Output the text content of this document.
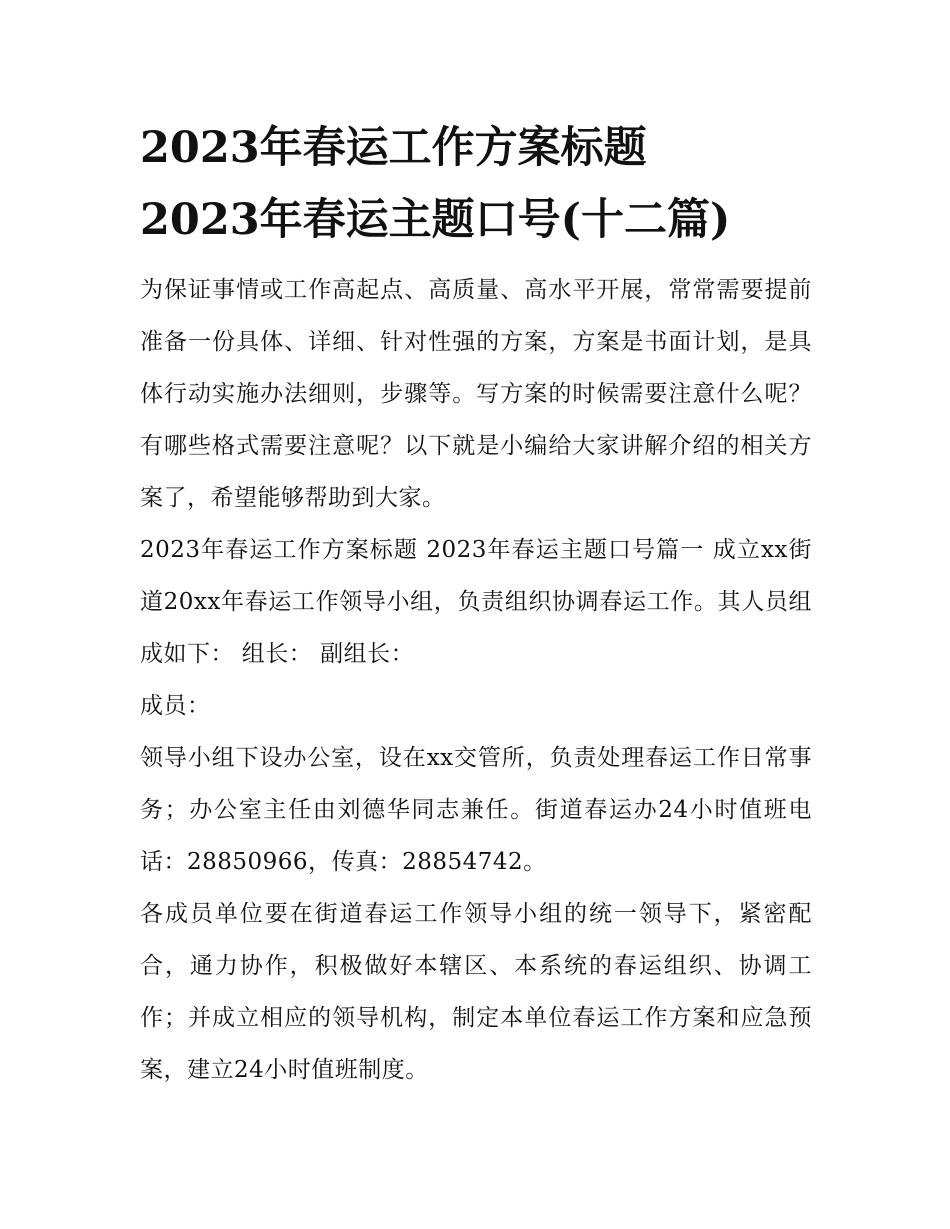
2023年春运工作方案标题
2023年春运主题口号(十二篇)

为保证事情或工作高起点、高质量、高水平开展，常常需要提前准备一份具体、详细、针对性强的方案，方案是书面计划，是具体行动实施办法细则，步骤等。写方案的时候需要注意什么呢？有哪些格式需要注意呢？以下就是小编给大家讲解介绍的相关方案了，希望能够帮助到大家。

2023年春运工作方案标题 2023年春运主题口号篇一 成立xx街道20xx年春运工作领导小组，负责组织协调春运工作。其人员组成如下： 组长： 副组长：

成员：

领导小组下设办公室，设在xx交管所，负责处理春运工作日常事务；办公室主任由刘德华同志兼任。街道春运办24小时值班电话：28850966，传真：28854742。

各成员单位要在街道春运工作领导小组的统一领导下，紧密配合，通力协作，积极做好本辖区、本系统的春运组织、协调工作；并成立相应的领导机构，制定本单位春运工作方案和应急预案，建立24小时值班制度。
